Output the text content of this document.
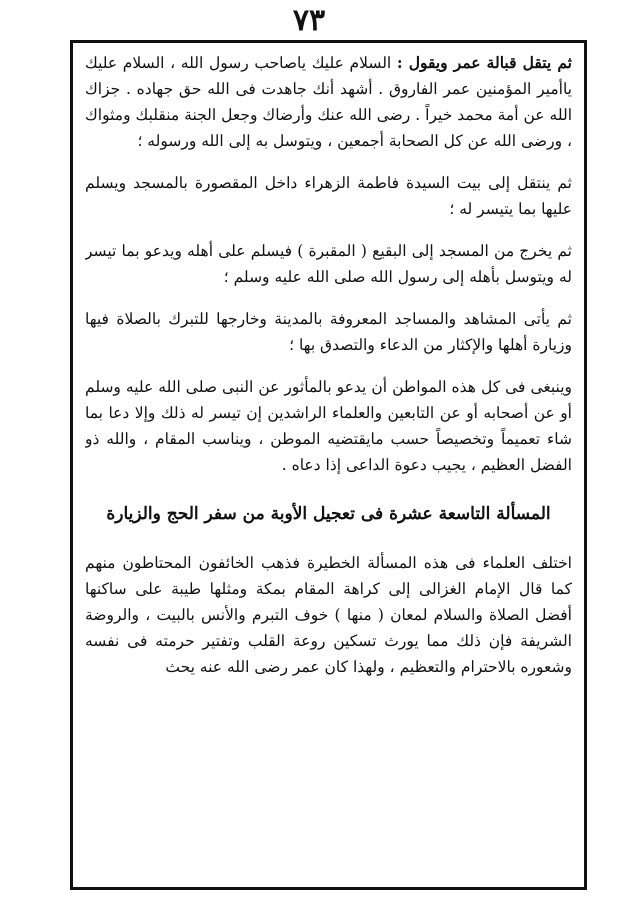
٧٣

ثم يتقل قبالة عمر ويقول : السلام عليك ياصاحب رسول الله ، السلام عليك ياأمير المؤمنين عمر الفاروق . أشهد أنك جاهدت فى الله حق جهاده . جزاك الله عن أمة محمد خيراً . رضى الله عنك وأرضاك وجعل الجنة منقلبك ومثواك ، ورضى الله عن كل الصحابة أجمعين ، ويتوسل به إلى الله ورسوله ؛

ثم ينتقل إلى بيت السيدة فاطمة الزهراء داخل المقصورة بالمسجد ويسلم عليها بما يتيسر له ؛

ثم يخرج من المسجد إلى البقيع ( المقبرة ) فيسلم على أهله ويدعو بما تيسر له ويتوسل بأهله إلى رسول الله صلى الله عليه وسلم ؛

ثم يأتى المشاهد والمساجد المعروفة بالمدينة وخارجها للتبرك بالصلاة فيها وزيارة أهلها والإكثار من الدعاء والتصدق بها ؛

وينبغى فى كل هذه المواطن أن يدعو بالمأثور عن النبى صلى الله عليه وسلم أو عن أصحابه أو عن التابعين والعلماء الراشدين إن تيسر له ذلك وإلا دعا بما شاء تعميماً وتخصيصاً حسب مايقتضيه الموطن ، ويناسب المقام ، والله ذو الفضل العظيم ، يجيب دعوة الداعى إذا دعاه .

المسألة التاسعة عشرة فى تعجيل الأوبة من سفر الحج والزيارة

اختلف العلماء فى هذه المسألة الخطيرة فذهب الخائفون المحتاطون منهم كما قال الإمام الغزالى إلى كراهة المقام بمكة ومثلها طيبة على ساكنها أفضل الصلاة والسلام لمعان ( منها ) خوف التبرم والأنس بالبيت ، والروضة الشريفة فإن ذلك مما يورث تسكين روعة القلب وتفتير حرمته فى نفسه وشعوره بالاحترام والتعظيم ، ولهذا كان عمر رضى الله عنه يحث
